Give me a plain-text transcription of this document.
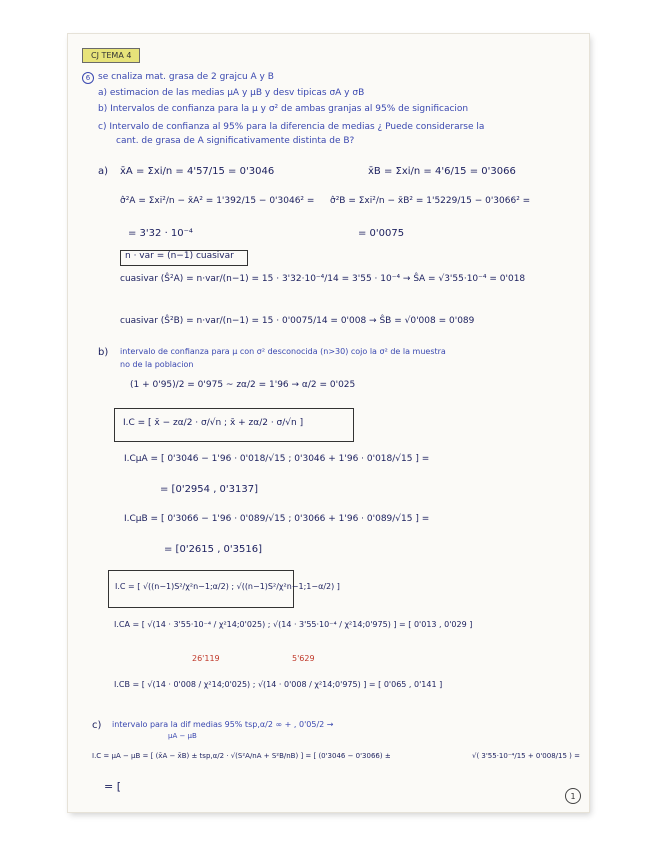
CJ TEMA 4
6 se cnaliza mat. grasa de 2 grajcu A y B
a) estimacion de las medias μA y μB y desv tipicas σA y σB
b) Intervalos de confianza para la μ y σ² de ambas granjas al 95% de significacion
c) Intervalo de confianza al 95% para la diferencia de medias ¿ Puede considerarse la
cant. de grasa de A significativamente distinta de B?
a) x̄A = Σxi/n = 4'57/15 = 0'3046	x̄B = Σxi/n = 4'6/15 = 0'3066
σ̂²A = Σxi²/n − x̄A² = 1'392/15 − 0'3046² = σ̂²B = Σxi²/n − x̄B² = 1'5229/15 − 0'3066² =
= 3'32 · 10⁻⁴	= 0'0075
n · var = (n−1) cuasivar
cuasivar (Ŝ²A) = n·var/(n−1) = 15 · 3'32·10⁻⁴/14 = 3'55 · 10⁻⁴ → ŜA = √3'55·10⁻⁴ = 0'018
cuasivar (Ŝ²B) = n·var/(n−1) = 15 · 0'0075/14 = 0'008 → ŜB = √0'008 = 0'089
b) intervalo de confianza para μ con σ² desconocida (n>30) cojo la σ² de la muestra
no de la poblacion
(1 + 0'95)/2 = 0'975 ~ zα/2 = 1'96 → α/2 = 0'025
I.C = [ x̄ − zα/2 · σ/√n ; x̄ + zα/2 · σ/√n ]
I.CμA = [ 0'3046 − 1'96 · 0'018/√15 ; 0'3046 + 1'96 · 0'018/√15 ] =
= [0'2954 , 0'3137]
I.CμB = [ 0'3066 − 1'96 · 0'089/√15 ; 0'3066 + 1'96 · 0'089/√15 ] =
= [0'2615 , 0'3516]
I.C = [ √((n−1)S²/χ²n−1;α/2) ; √((n−1)S²/χ²n−1;1−α/2) ]
I.CA = [ √(14 · 3'55·10⁻⁴ / χ²14;0'025) ; √(14 · 3'55·10⁻⁴ / χ²14;0'975) ] = [ 0'013 , 0'029 ]
26'119	5'629
I.CB = [ √(14 · 0'008 / χ²14;0'025) ; √(14 · 0'008 / χ²14;0'975) ] = [ 0'065 , 0'141 ]
c) intervalo para la dif medias 95% tsp,α/2 ∞ + , 0'05/2 →
μA − μB
I.C = μA − μB = [ (x̄A − x̄B) ± tsp,α/2 · √(S²A/nA + S²B/nB) ] = [ (0'3046 − 0'3066) ±	√( 3'55·10⁻⁴/15 + 0'008/15 ) =
= [
1
